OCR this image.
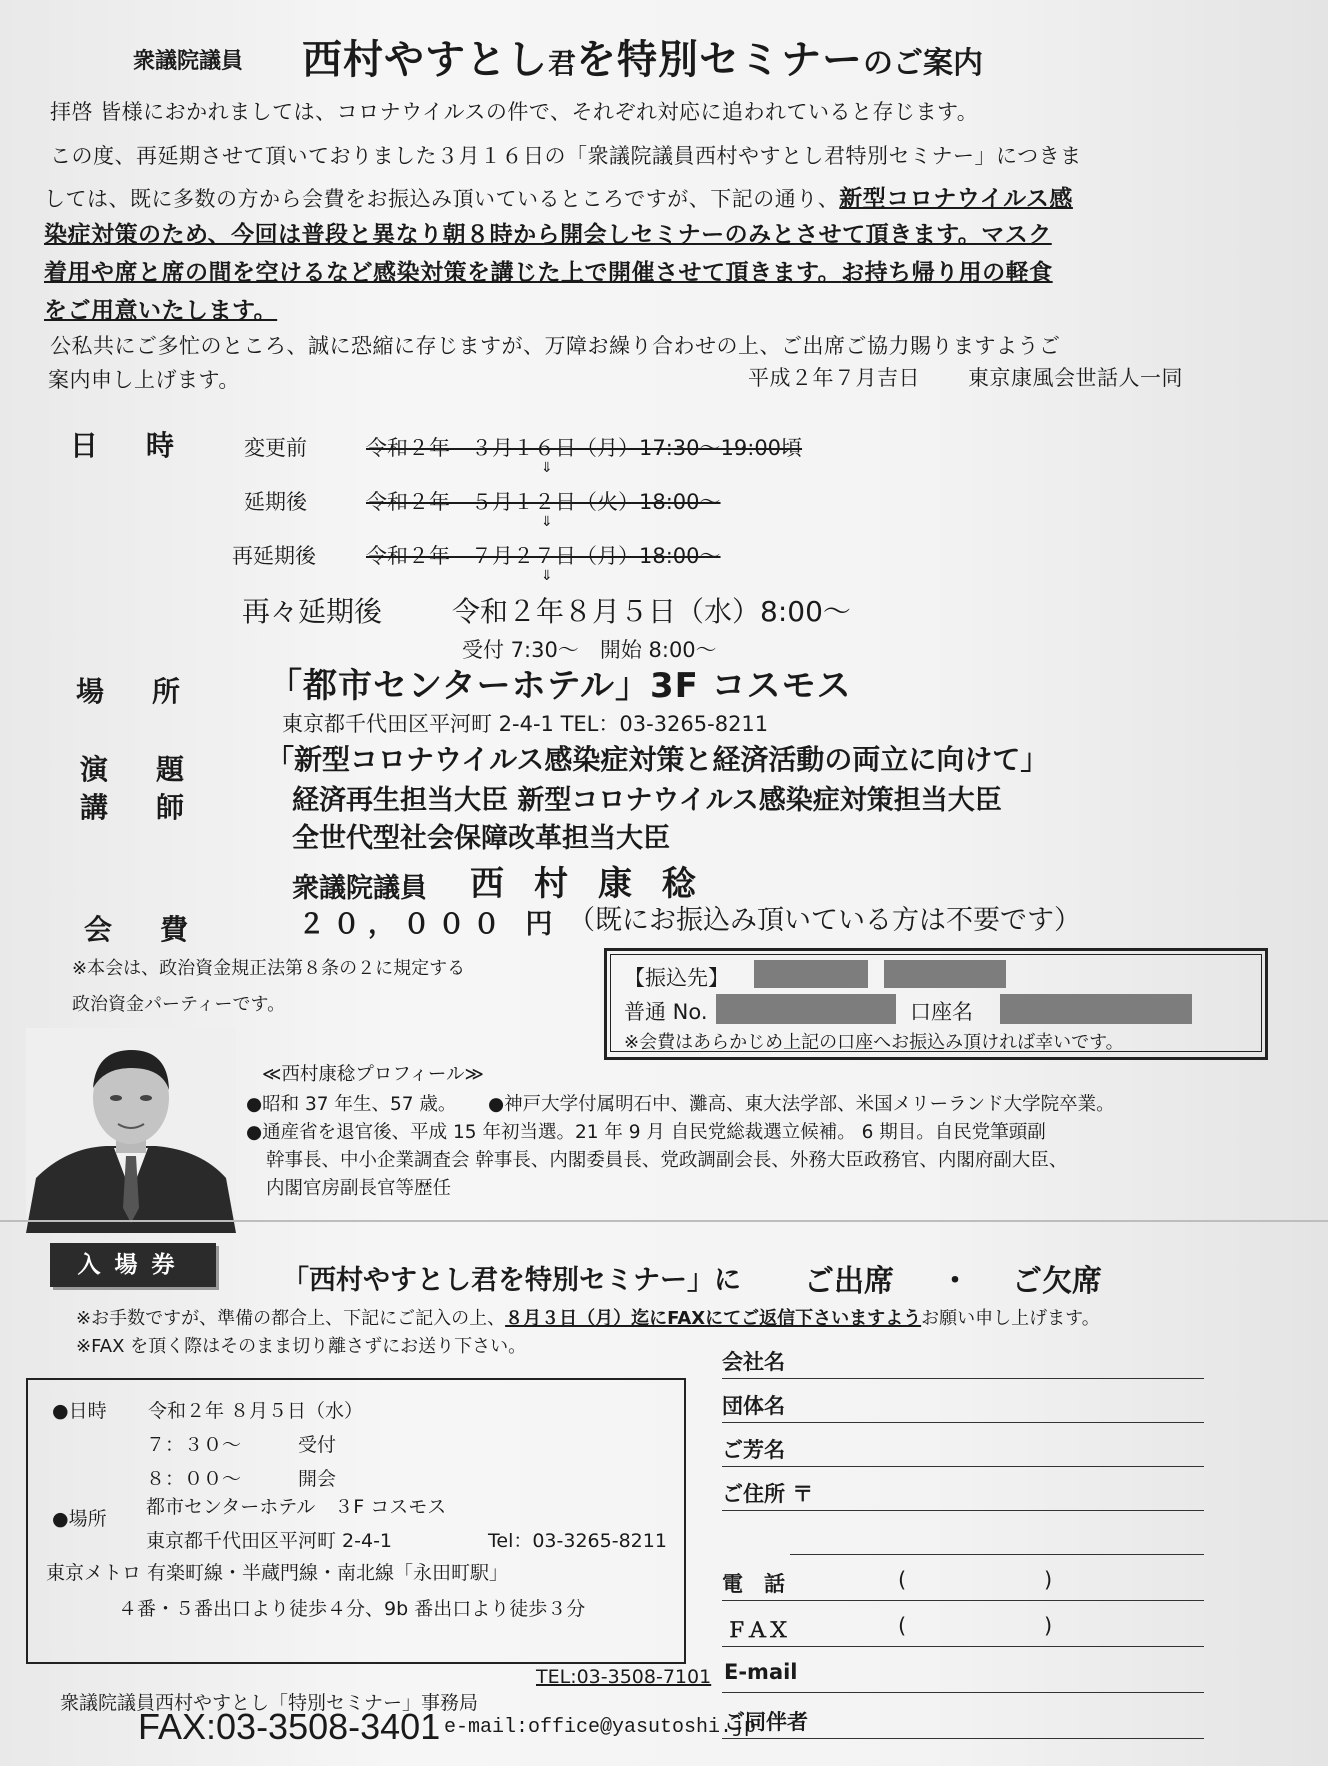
衆議院議員 西村やすとし君を特別セミナーのご案内
拝啓 皆様におかれましては、コロナウイルスの件で、それぞれ対応に追われていると存じます。
この度、再延期させて頂いておりました３月１６日の「衆議院議員西村やすとし君特別セミナー」につきま
しては、既に多数の方から会費をお振込み頂いているところですが、下記の通り、新型コロナウイルス感
染症対策のため、今回は普段と異なり朝８時から開会しセミナーのみとさせて頂きます。マスク
着用や席と席の間を空けるなど感染対策を講じた上で開催させて頂きます。お持ち帰り用の軽食
をご用意いたします。
公私共にご多忙のところ、誠に恐縮に存じますが、万障お繰り合わせの上、ご出席ご協力賜りますようご
案内申し上げます。	平成２年７月吉日 東京康風会世話人一同
日時 変更前	令和２年　３月１６日（月）17:30〜19:00頃
⇓
延期後	令和２年　５月１２日（火）18:00〜
⇓
再延期後 令和２年　７月２７日（月）18:00〜
⇓
再々延期後 令和２年８月５日（水）8:00〜
受付 7:30〜　開始 8:00〜
場所 「都市センターホテル」3F コスモス
東京都千代田区平河町 2-4-1 TEL：03-3265-8211
演題 「新型コロナウイルス感染症対策と経済活動の両立に向けて」
講師 経済再生担当大臣 新型コロナウイルス感染症対策担当大臣
全世代型社会保障改革担当大臣
衆議院議員 西村康稔
会費 ２０，０００ 円 （既にお振込み頂いている方は不要です）
※本会は、政治資金規正法第８条の２に規定する
政治資金パーティーです。
【振込先】
普通 No.	口座名
※会費はあらかじめ上記の口座へお振込み頂ければ幸いです。
≪西村康稔プロフィール≫
●昭和 37 年生、57 歳。 ●神戸大学付属明石中、灘高、東大法学部、米国メリーランド大学院卒業。
●通産省を退官後、平成 15 年初当選。21 年 9 月 自民党総裁選立候補。 6 期目。自民党筆頭副
幹事長、中小企業調査会 幹事長、内閣委員長、党政調副会長、外務大臣政務官、内閣府副大臣、
内閣官房副長官等歴任
入場券	「西村やすとし君を特別セミナー」に ご出席 ・ ご欠席
※お手数ですが、準備の都合上、下記にご記入の上、８月３日（月）迄にFAXにてご返信下さいますようお願い申し上げます。
※FAX を頂く際はそのまま切り離さずにお送り下さい。
●日時 令和２年 ８月５日（水）
７：３０〜	受付
８：００〜	開会
●場所
都市センターホテル　３F コスモス
東京都千代田区平河町 2-4-1	Tel：03-3265-8211
東京メトロ 有楽町線・半蔵門線・南北線「永田町駅」
４番・５番出口より徒歩４分、9b 番出口より徒歩３分
会社名
団体名
ご芳名
ご住所 〒
電　話	(	)
ＦＡＸ	(	)
E-mail
ご同伴者
衆議院議員西村やすとし「特別セミナー」事務局
TEL:03-3508-7101
FAX:03-3508-3401 e-mail:office@yasutoshi.jp
